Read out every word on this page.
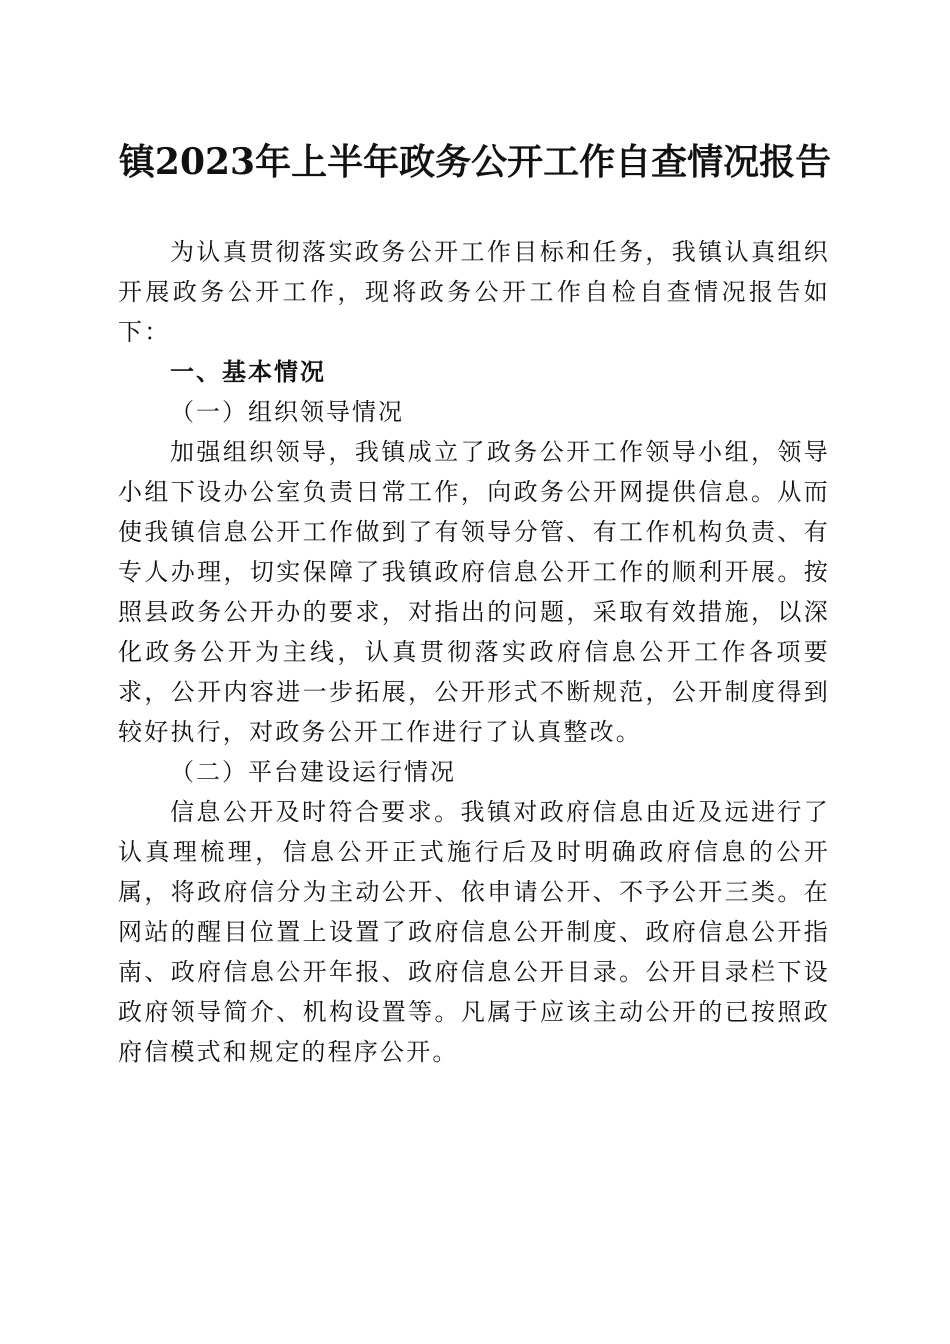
镇2023年上半年政务公开工作自查情况报告

为认真贯彻落实政务公开工作目标和任务，我镇认真组织开展政务公开工作，现将政务公开工作自检自查情况报告如下：

一、基本情况

（一）组织领导情况

加强组织领导，我镇成立了政务公开工作领导小组，领导小组下设办公室负责日常工作，向政务公开网提供信息。从而使我镇信息公开工作做到了有领导分管、有工作机构负责、有专人办理，切实保障了我镇政府信息公开工作的顺利开展。按照县政务公开办的要求，对指出的问题，采取有效措施，以深化政务公开为主线，认真贯彻落实政府信息公开工作各项要求，公开内容进一步拓展，公开形式不断规范，公开制度得到较好执行，对政务公开工作进行了认真整改。

（二）平台建设运行情况

信息公开及时符合要求。我镇对政府信息由近及远进行了认真理梳理，信息公开正式施行后及时明确政府信息的公开属，将政府信分为主动公开、依申请公开、不予公开三类。在网站的醒目位置上设置了政府信息公开制度、政府信息公开指南、政府信息公开年报、政府信息公开目录。公开目录栏下设政府领导简介、机构设置等。凡属于应该主动公开的已按照政府信模式和规定的程序公开。
